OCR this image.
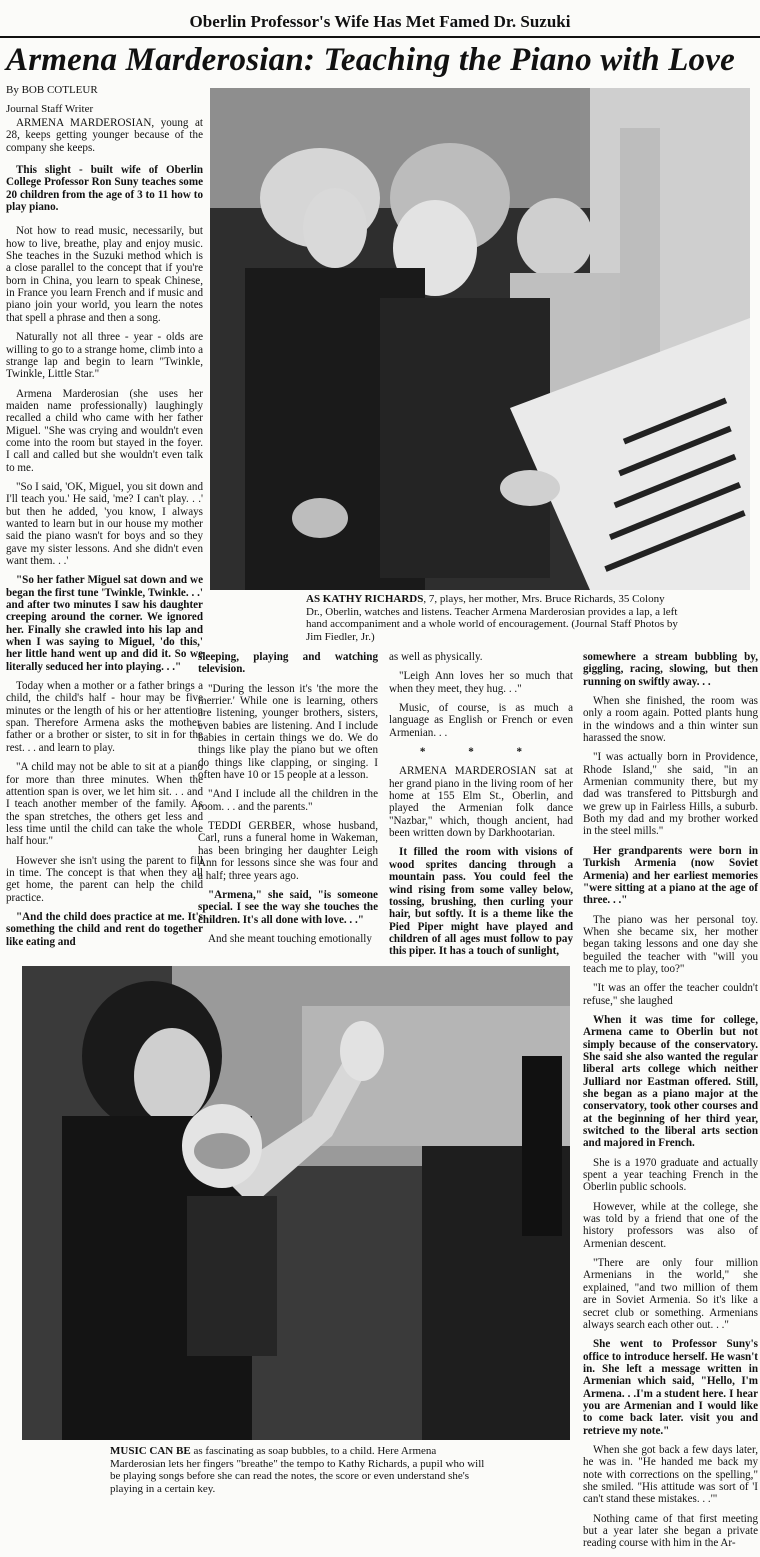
Oberlin Professor's Wife Has Met Famed Dr. Suzuki
Armena Marderosian: Teaching the Piano with Love
AS KATHY RICHARDS, 7, plays, her mother, Mrs. Bruce Richards, 35 Colony Dr., Oberlin, watches and listens. Teacher Armena Marderosian provides a lap, a left hand accompaniment and a whole world of encouragement. (Journal Staff Photos by Jim Fiedler, Jr.)

By BOB COTLEUR

Journal Staff Writer

ARMENA MARDEROSIAN, young at 28, keeps getting younger because of the company she keeps.

This slight - built wife of Oberlin College Professor Ron Suny teaches some 20 children from the age of 3 to 11 how to play piano.

Not how to read music, necessarily, but how to live, breathe, play and enjoy music. She teaches in the Suzuki method which is a close parallel to the concept that if you're born in China, you learn to speak Chinese, in France you learn French and if music and piano join your world, you learn the notes that spell a phrase and then a song.

Naturally not all three - year - olds are willing to go to a strange home, climb into a strange lap and begin to learn "Twinkle, Twinkle, Little Star."

Armena Marderosian (she uses her maiden name professionally) laughingly recalled a child who came with her father Miguel. "She was crying and wouldn't even come into the room but stayed in the foyer. I call and called but she wouldn't even talk to me.

"So I said, 'OK, Miguel, you sit down and I'll teach you.' He said, 'me? I can't play. . .' but then he added, 'you know, I always wanted to learn but in our house my mother said the piano wasn't for boys and so they gave my sister lessons. And she didn't even want them. . .'

"So her father Miguel sat down and we began the first tune 'Twinkle, Twinkle. . .' and after two minutes I saw his daughter creeping around the corner. We ignored her. Finally she crawled into his lap and when I was saying to Miguel, 'do this,' her little hand went up and did it. So we literally seduced her into playing. . ."

Today when a mother or a father brings a child, the child's half - hour may be five minutes or the length of his or her attention span. Therefore Armena asks the mother, father or a brother or sister, to sit in for the rest. . . and learn to play.

"A child may not be able to sit at a piano for more than three minutes. When the attention span is over, we let him sit. . . and I teach another member of the family. As the span stretches, the others get less and less time until the child can take the whole half hour."

However she isn't using the parent to fill in time. The concept is that when they all get home, the parent can help the child practice.

"And the child does practice at me. It's something the child and rent do together like eating and

sleeping, playing and watching television.

"During the lesson it's 'the more the merrier.' While one is learning, others are listening, younger brothers, sisters, even babies are listening. And I include babies in certain things we do. We do things like play the piano but we often do things like clapping, or singing. I often have 10 or 15 people at a lesson.

"And I include all the children in the room. . . and the parents."

TEDDI GERBER, whose husband, Carl, runs a funeral home in Wakeman, has been bringing her daughter Leigh Ann for lessons since she was four and a half; three years ago.

"Armena," she said, "is someone special. I see the way she touches the children. It's all done with love. . ."

And she meant touching emotionally

as well as physically.

"Leigh Ann loves her so much that when they meet, they hug. . ."

Music, of course, is as much a language as English or French or even Armenian. . .

* * *

ARMENA MARDEROSIAN sat at her grand piano in the living room of her home at 155 Elm St., Oberlin, and played the Armenian folk dance "Nazbar," which, though ancient, had been written down by Darkhootarian.

It filled the room with visions of wood sprites dancing through a mountain pass. You could feel the wind rising from some valley below, tossing, brushing, then curling your hair, but softly. It is a theme like the Pied Piper might have played and children of all ages must follow to pay this piper. It has a touch of sunlight,

somewhere a stream bubbling by, giggling, racing, slowing, but then running on swiftly away. . .

When she finished, the room was only a room again. Potted plants hung in the windows and a thin winter sun harassed the snow.

"I was actually born in Providence, Rhode Island," she said, "in an Armenian community there, but my dad was transfered to Pittsburgh and we grew up in Fairless Hills, a suburb. Both my dad and my brother worked in the steel mills."

Her grandparents were born in Turkish Armenia (now Soviet Armenia) and her earliest memories "were sitting at a piano at the age of three. . ."

The piano was her personal toy. When she became six, her mother began taking lessons and one day she beguiled the teacher with "will you teach me to play, too?"

"It was an offer the teacher couldn't refuse," she laughed

When it was time for college, Armena came to Oberlin but not simply because of the conservatory. She said she also wanted the regular liberal arts college which neither Julliard nor Eastman offered. Still, she began as a piano major at the conservatory, took other courses and at the beginning of her third year, switched to the liberal arts section and majored in French.

She is a 1970 graduate and actually spent a year teaching French in the Oberlin public schools.

However, while at the college, she was told by a friend that one of the history professors was also of Armenian descent.

"There are only four million Armenians in the world," she explained, "and two million of them are in Soviet Armenia. So it's like a secret club or something. Armenians always search each other out. . ."

She went to Professor Suny's office to introduce herself. He wasn't in. She left a message written in Armenian which said, "Hello, I'm Armena. . .I'm a student here. I hear you are Armenian and I would like to come back later. visit you and retrieve my note."

When she got back a few days later, he was in. "He handed me back my note with corrections on the spelling," she smiled. "His attitude was sort of 'I can't stand these mistakes. . .'"

Nothing came of that first meeting but a year later she began a private reading course with him in the Ar-

MUSIC CAN BE as fascinating as soap bubbles, to a child. Here Armena Marderosian lets her fingers "breathe" the tempo to Kathy Richards, a pupil who will be playing songs before she can read the notes, the score or even understand she's playing in a certain key.
